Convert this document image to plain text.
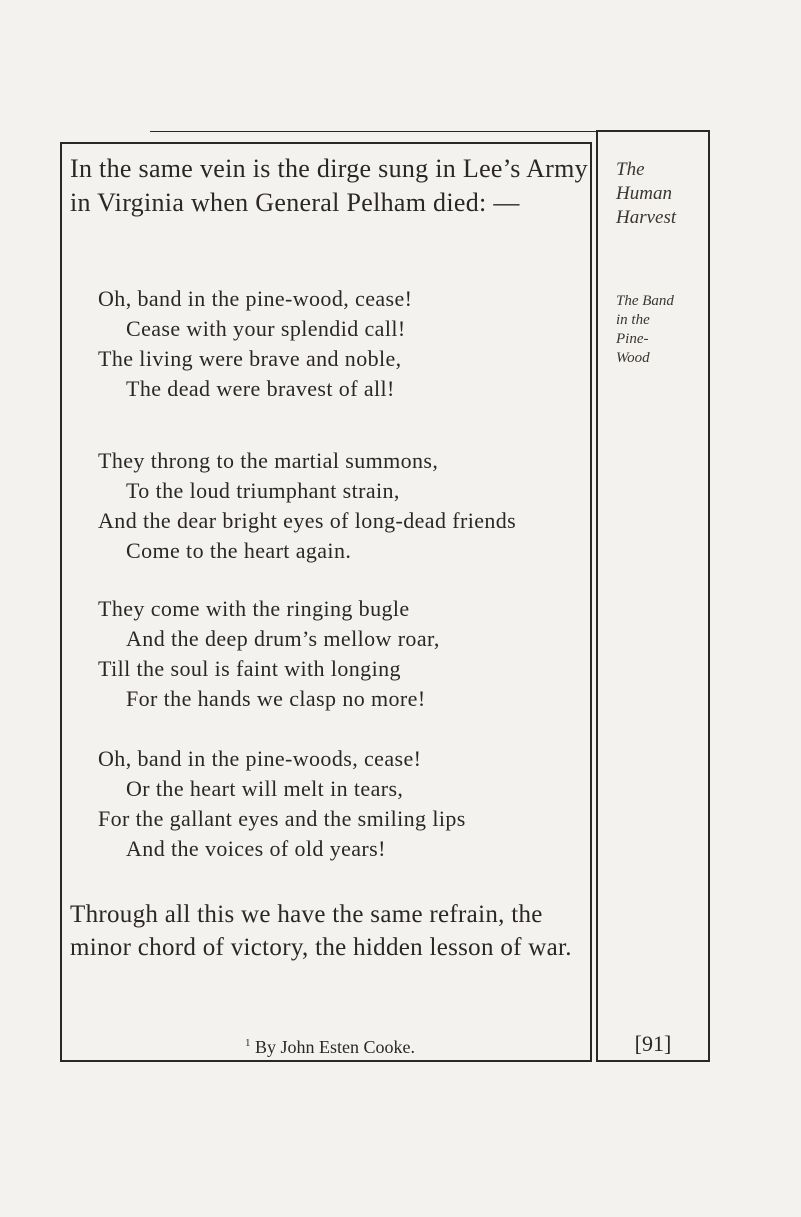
In the same vein is the dirge sung in Lee’s Army in Virginia when General Pelham died: —
Oh, band in the pine-wood, cease!
Cease with your splendid call!
The living were brave and noble,
The dead were bravest of all!
They throng to the martial summons,
To the loud triumphant strain,
And the dear bright eyes of long-dead friends
Come to the heart again.
They come with the ringing bugle
And the deep drum’s mellow roar,
Till the soul is faint with longing
For the hands we clasp no more!
Oh, band in the pine-woods, cease!
Or the heart will melt in tears,
For the gallant eyes and the smiling lips
And the voices of old years!
Through all this we have the same refrain, the minor chord of victory, the hidden lesson of war.
$^1$ By John Esten Cooke.
The
Human
Harvest
The Band
in the
Pine-
Wood
[91]
